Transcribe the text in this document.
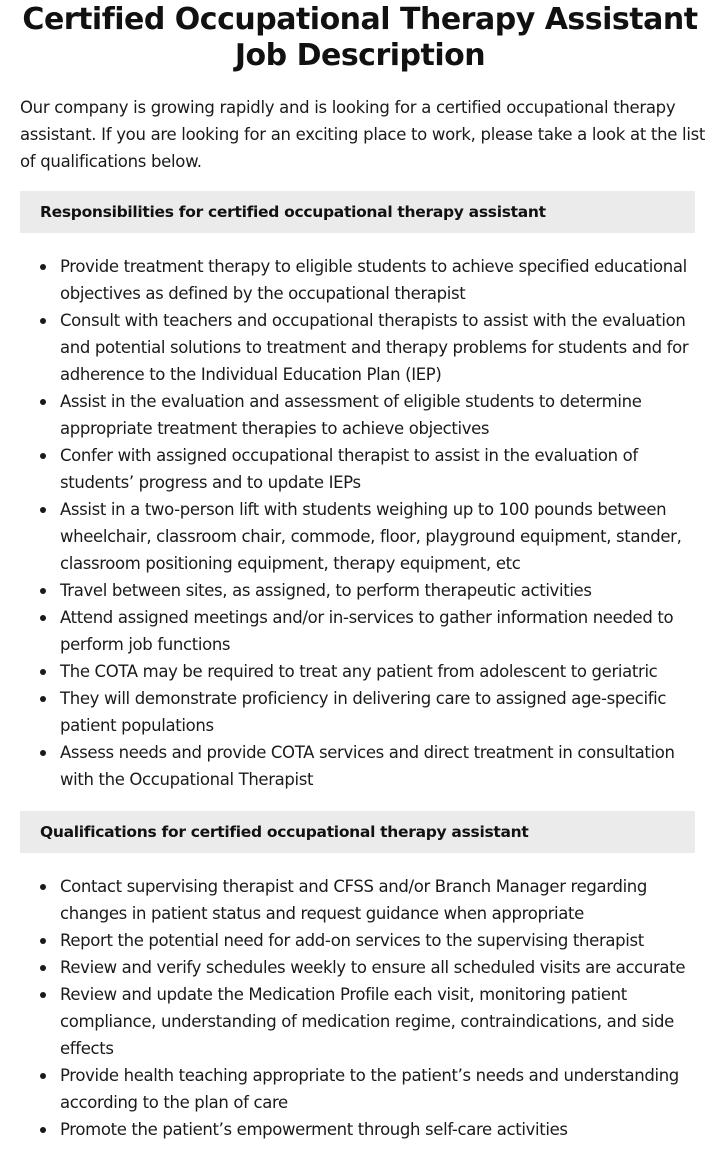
Certified Occupational Therapy Assistant Job Description

Our company is growing rapidly and is looking for a certified occupational therapy assistant. If you are looking for an exciting place to work, please take a look at the list of qualifications below.

Responsibilities for certified occupational therapy assistant
Provide treatment therapy to eligible students to achieve specified educational objectives as defined by the occupational therapist
Consult with teachers and occupational therapists to assist with the evaluation and potential solutions to treatment and therapy problems for students and for adherence to the Individual Education Plan (IEP)
Assist in the evaluation and assessment of eligible students to determine appropriate treatment therapies to achieve objectives
Confer with assigned occupational therapist to assist in the evaluation of students’ progress and to update IEPs
Assist in a two-person lift with students weighing up to 100 pounds between wheelchair, classroom chair, commode, floor, playground equipment, stander, classroom positioning equipment, therapy equipment, etc
Travel between sites, as assigned, to perform therapeutic activities
Attend assigned meetings and/or in-services to gather information needed to perform job functions
The COTA may be required to treat any patient from adolescent to geriatric
They will demonstrate proficiency in delivering care to assigned age-specific patient populations
Assess needs and provide COTA services and direct treatment in consultation with the Occupational Therapist
Qualifications for certified occupational therapy assistant
Contact supervising therapist and CFSS and/or Branch Manager regarding changes in patient status and request guidance when appropriate
Report the potential need for add-on services to the supervising therapist
Review and verify schedules weekly to ensure all scheduled visits are accurate
Review and update the Medication Profile each visit, monitoring patient compliance, understanding of medication regime, contraindications, and side effects
Provide health teaching appropriate to the patient’s needs and understanding according to the plan of care
Promote the patient’s empowerment through self-care activities
